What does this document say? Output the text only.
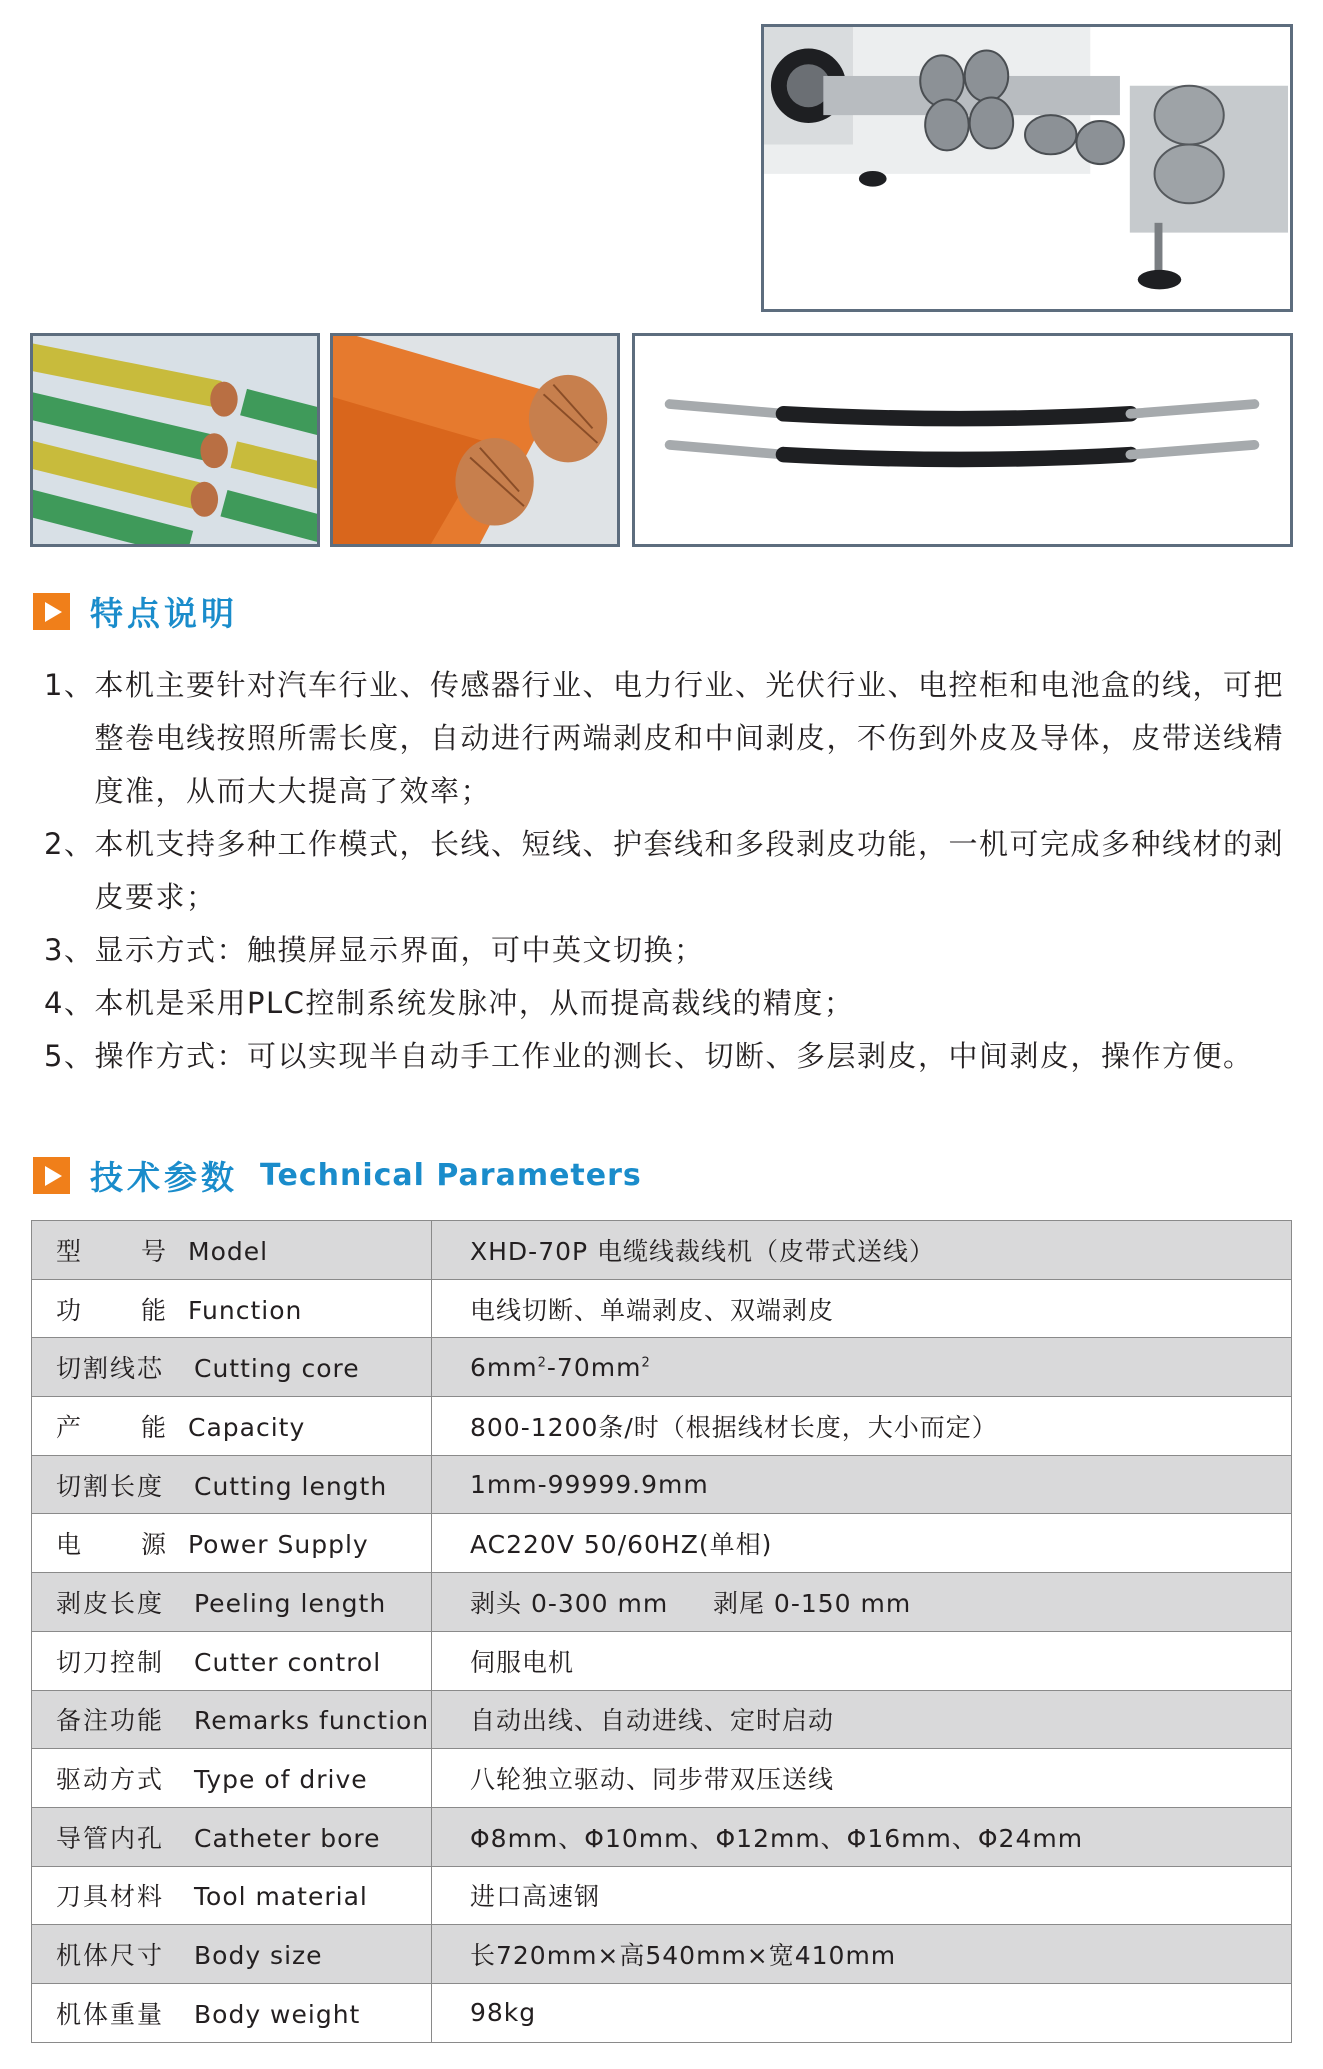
特点说明
1、 本机主要针对汽车行业、传感器行业、电力行业、光伏行业、电控柜和电池盒的线，可把整卷电线按照所需长度，自动进行两端剥皮和中间剥皮，不伤到外皮及导体，皮带送线精度准，从而大大提高了效率；
2、 本机支持多种工作模式，长线、短线、护套线和多段剥皮功能，一机可完成多种线材的剥皮要求；
3、 显示方式：触摸屏显示界面，可中英文切换；
4、 本机是采用PLC控制系统发脉冲，从而提高裁线的精度；
5、 操作方式：可以实现半自动手工作业的测长、切断、多层剥皮，中间剥皮，操作方便。
技术参数 Technical Parameters
型号 Model	XHD-70P 电缆线裁线机（皮带式送线）
功能 Function	电线切断、单端剥皮、双端剥皮
切割线芯 Cutting core	$6mm^2-70mm^2$
产能 Capacity	800-1200条/时（根据线材长度，大小而定）
切割长度 Cutting length	1mm-99999.9mm
电源 Power Supply	AC220V 50/60HZ(单相)
剥皮长度 Peeling length	剥头 0-300 mm     剥尾 0-150 mm
切刀控制 Cutter control	伺服电机
备注功能 Remarks function	自动出线、自动进线、定时启动
驱动方式 Type of drive	八轮独立驱动、同步带双压送线
导管内孔 Catheter bore	Φ8mm、Φ10mm、Φ12mm、Φ16mm、Φ24mm
刀具材料 Tool material	进口高速钢
机体尺寸 Body size	长720mm×高540mm×宽410mm
机体重量 Body weight	98kg
